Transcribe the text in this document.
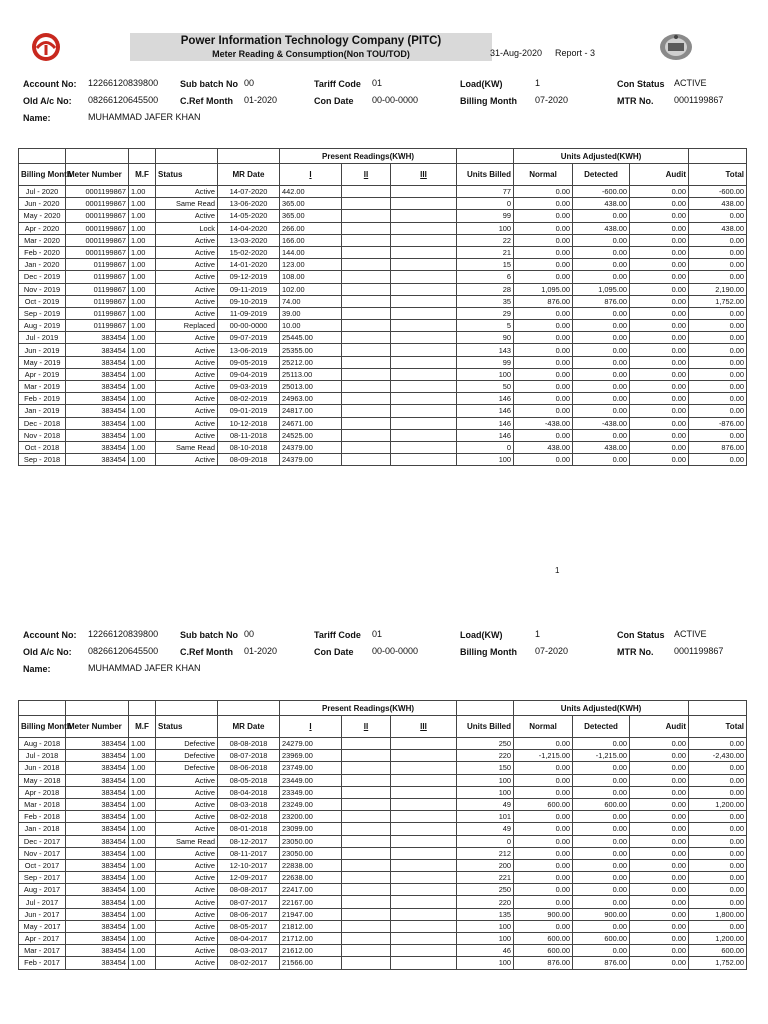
Power Information Technology Company (PITC)
Meter Reading & Consumption(Non TOU/TOD)	31-Aug-2020 Report - 3
Account No: 12266120839800 Sub batch No 00	Tariff Code 01	Load(KW)	1	Con Status ACTIVE
Old A/c No: 08266120645500 C.Ref Month 01-2020	Con Date 00-00-0000	Billing Month 07-2020	MTR No. 0001199867
Name:	MUHAMMAD JAFER KHAN
					Present Readings(KWH)				Units Adjusted(KWH)			
Billing Month	Meter Number	M.F	Status	MR Date	I	II	III	Units Billed	Normal	Detected	Audit	Total
Jul - 2020	0001199867	1.00	Active	14-07-2020	442.00			77	0.00	-600.00	0.00	-600.00
Jun - 2020	0001199867	1.00	Same Read	13-06-2020	365.00			0	0.00	438.00	0.00	438.00
May - 2020	0001199867	1.00	Active	14-05-2020	365.00			99	0.00	0.00	0.00	0.00
Apr - 2020	0001199867	1.00	Lock	14-04-2020	266.00			100	0.00	438.00	0.00	438.00
Mar - 2020	0001199867	1.00	Active	13-03-2020	166.00			22	0.00	0.00	0.00	0.00
Feb - 2020	0001199867	1.00	Active	15-02-2020	144.00			21	0.00	0.00	0.00	0.00
Jan - 2020	01199867	1.00	Active	14-01-2020	123.00			15	0.00	0.00	0.00	0.00
Dec - 2019	01199867	1.00	Active	09-12-2019	108.00			6	0.00	0.00	0.00	0.00
Nov - 2019	01199867	1.00	Active	09-11-2019	102.00			28	1,095.00	1,095.00	0.00	2,190.00
Oct - 2019	01199867	1.00	Active	09-10-2019	74.00			35	876.00	876.00	0.00	1,752.00
Sep - 2019	01199867	1.00	Active	11-09-2019	39.00			29	0.00	0.00	0.00	0.00
Aug - 2019	01199867	1.00	Replaced	00-00-0000	10.00			5	0.00	0.00	0.00	0.00
Jul - 2019	383454	1.00	Active	09-07-2019	25445.00			90	0.00	0.00	0.00	0.00
Jun - 2019	383454	1.00	Active	13-06-2019	25355.00			143	0.00	0.00	0.00	0.00
May - 2019	383454	1.00	Active	09-05-2019	25212.00			99	0.00	0.00	0.00	0.00
Apr - 2019	383454	1.00	Active	09-04-2019	25113.00			100	0.00	0.00	0.00	0.00
Mar - 2019	383454	1.00	Active	09-03-2019	25013.00			50	0.00	0.00	0.00	0.00
Feb - 2019	383454	1.00	Active	08-02-2019	24963.00			146	0.00	0.00	0.00	0.00
Jan - 2019	383454	1.00	Active	09-01-2019	24817.00			146	0.00	0.00	0.00	0.00
Dec - 2018	383454	1.00	Active	10-12-2018	24671.00			146	-438.00	-438.00	0.00	-876.00
Nov - 2018	383454	1.00	Active	08-11-2018	24525.00			146	0.00	0.00	0.00	0.00
Oct - 2018	383454	1.00	Same Read	08-10-2018	24379.00			0	438.00	438.00	0.00	876.00
Sep - 2018	383454	1.00	Active	08-09-2018	24379.00			100	0.00	0.00	0.00	0.00
1
Account No: 12266120839800 Sub batch No 00	Tariff Code 01	Load(KW)	1	Con Status ACTIVE
Old A/c No: 08266120645500 C.Ref Month 01-2020	Con Date 00-00-0000	Billing Month 07-2020	MTR No. 0001199867
Name:	MUHAMMAD JAFER KHAN
					Present Readings(KWH)				Units Adjusted(KWH)			
Billing Month	Meter Number	M.F	Status	MR Date	I	II	III	Units Billed	Normal	Detected	Audit	Total
Aug - 2018	383454	1.00	Defective	08-08-2018	24279.00			250	0.00	0.00	0.00	0.00
Jul - 2018	383454	1.00	Defective	08-07-2018	23969.00			220	-1,215.00	-1,215.00	0.00	-2,430.00
Jun - 2018	383454	1.00	Defective	08-06-2018	23749.00			150	0.00	0.00	0.00	0.00
May - 2018	383454	1.00	Active	08-05-2018	23449.00			100	0.00	0.00	0.00	0.00
Apr - 2018	383454	1.00	Active	08-04-2018	23349.00			100	0.00	0.00	0.00	0.00
Mar - 2018	383454	1.00	Active	08-03-2018	23249.00			49	600.00	600.00	0.00	1,200.00
Feb - 2018	383454	1.00	Active	08-02-2018	23200.00			101	0.00	0.00	0.00	0.00
Jan - 2018	383454	1.00	Active	08-01-2018	23099.00			49	0.00	0.00	0.00	0.00
Dec - 2017	383454	1.00	Same Read	08-12-2017	23050.00			0	0.00	0.00	0.00	0.00
Nov - 2017	383454	1.00	Active	08-11-2017	23050.00			212	0.00	0.00	0.00	0.00
Oct - 2017	383454	1.00	Active	12-10-2017	22838.00			200	0.00	0.00	0.00	0.00
Sep - 2017	383454	1.00	Active	12-09-2017	22638.00			221	0.00	0.00	0.00	0.00
Aug - 2017	383454	1.00	Active	08-08-2017	22417.00			250	0.00	0.00	0.00	0.00
Jul - 2017	383454	1.00	Active	08-07-2017	22167.00			220	0.00	0.00	0.00	0.00
Jun - 2017	383454	1.00	Active	08-06-2017	21947.00			135	900.00	900.00	0.00	1,800.00
May - 2017	383454	1.00	Active	08-05-2017	21812.00			100	0.00	0.00	0.00	0.00
Apr - 2017	383454	1.00	Active	08-04-2017	21712.00			100	600.00	600.00	0.00	1,200.00
Mar - 2017	383454	1.00	Active	08-03-2017	21612.00			46	600.00	0.00	0.00	600.00
Feb - 2017	383454	1.00	Active	08-02-2017	21566.00			100	876.00	876.00	0.00	1,752.00
